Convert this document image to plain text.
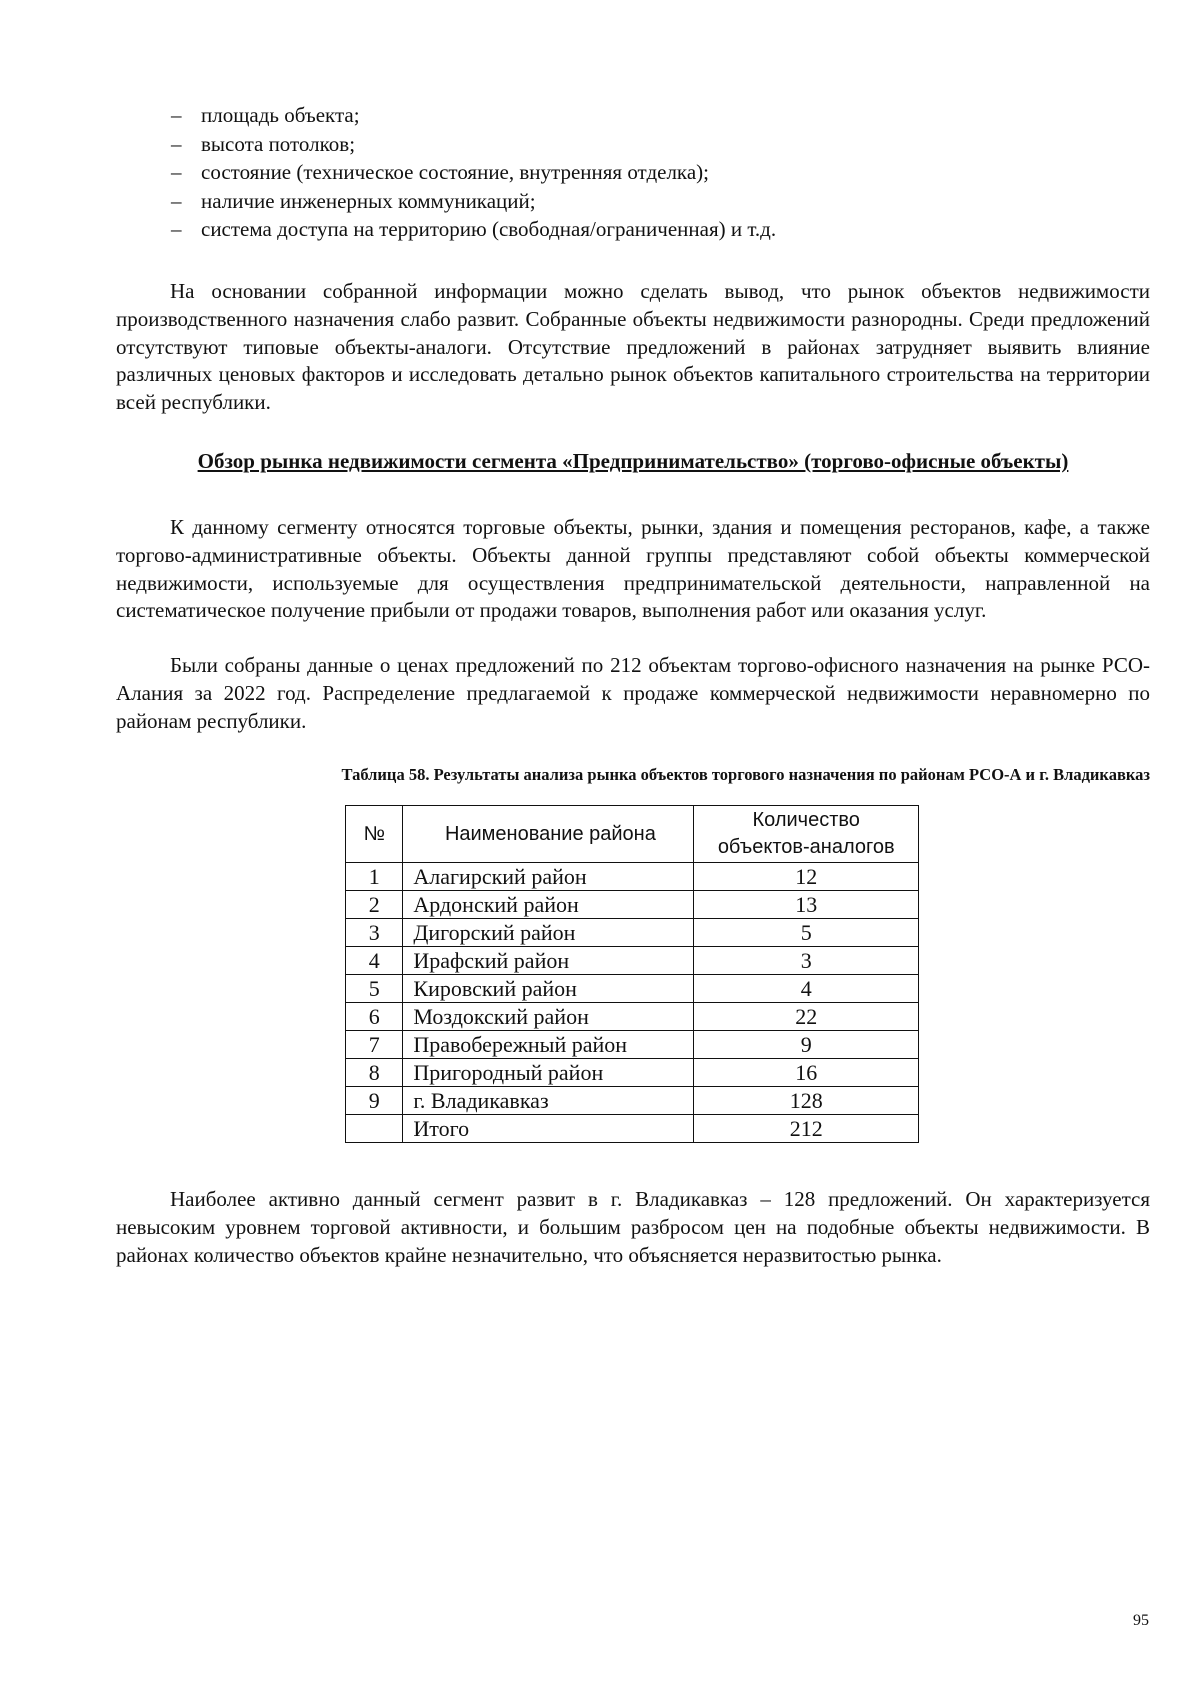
– площадь объекта;
– высота потолков;
– состояние (техническое состояние, внутренняя отделка);
– наличие инженерных коммуникаций;
– система доступа на территорию (свободная/ограниченная) и т.д.

На основании собранной информации можно сделать вывод, что рынок объектов недвижимости производственного назначения слабо развит. Собранные объекты недвижимости разнородны. Среди предложений отсутствуют типовые объекты-аналоги. Отсутствие предложений в районах затрудняет выявить влияние различных ценовых факторов и исследовать детально рынок объектов капитального строительства на территории всей республики.

Обзор рынка недвижимости сегмента «Предпринимательство» (торгово-офисные объекты)

К данному сегменту относятся торговые объекты, рынки, здания и помещения ресторанов, кафе, а также торгово-административные объекты. Объекты данной группы представляют собой объекты коммерческой недвижимости, используемые для осуществления предпринимательской деятельности, направленной на систематическое получение прибыли от продажи товаров, выполнения работ или оказания услуг.

Были собраны данные о ценах предложений по 212 объектам торгово-офисного назначения на рынке РСО-Алания за 2022 год. Распределение предлагаемой к продаже коммерческой недвижимости неравномерно по районам республики.

Таблица 58. Результаты анализа рынка объектов торгового назначения по районам РСО-А и г. Владикавказ

№	Наименование района	Количество
объектов-аналогов

1	Алагирский район	12
2	Ардонский район	13
3	Дигорский район	5
4	Ирафский район	3
5	Кировский район	4
6	Моздокский район	22
7	Правобережный район	9
8	Пригородный район	16
9	г. Владикавказ	128
	Итого	212

Наиболее активно данный сегмент развит в г. Владикавказ – 128 предложений. Он характеризуется невысоким уровнем торговой активности, и большим разбросом цен на подобные объекты недвижимости. В районах количество объектов крайне незначительно, что объясняется неразвитостью рынка.

95
